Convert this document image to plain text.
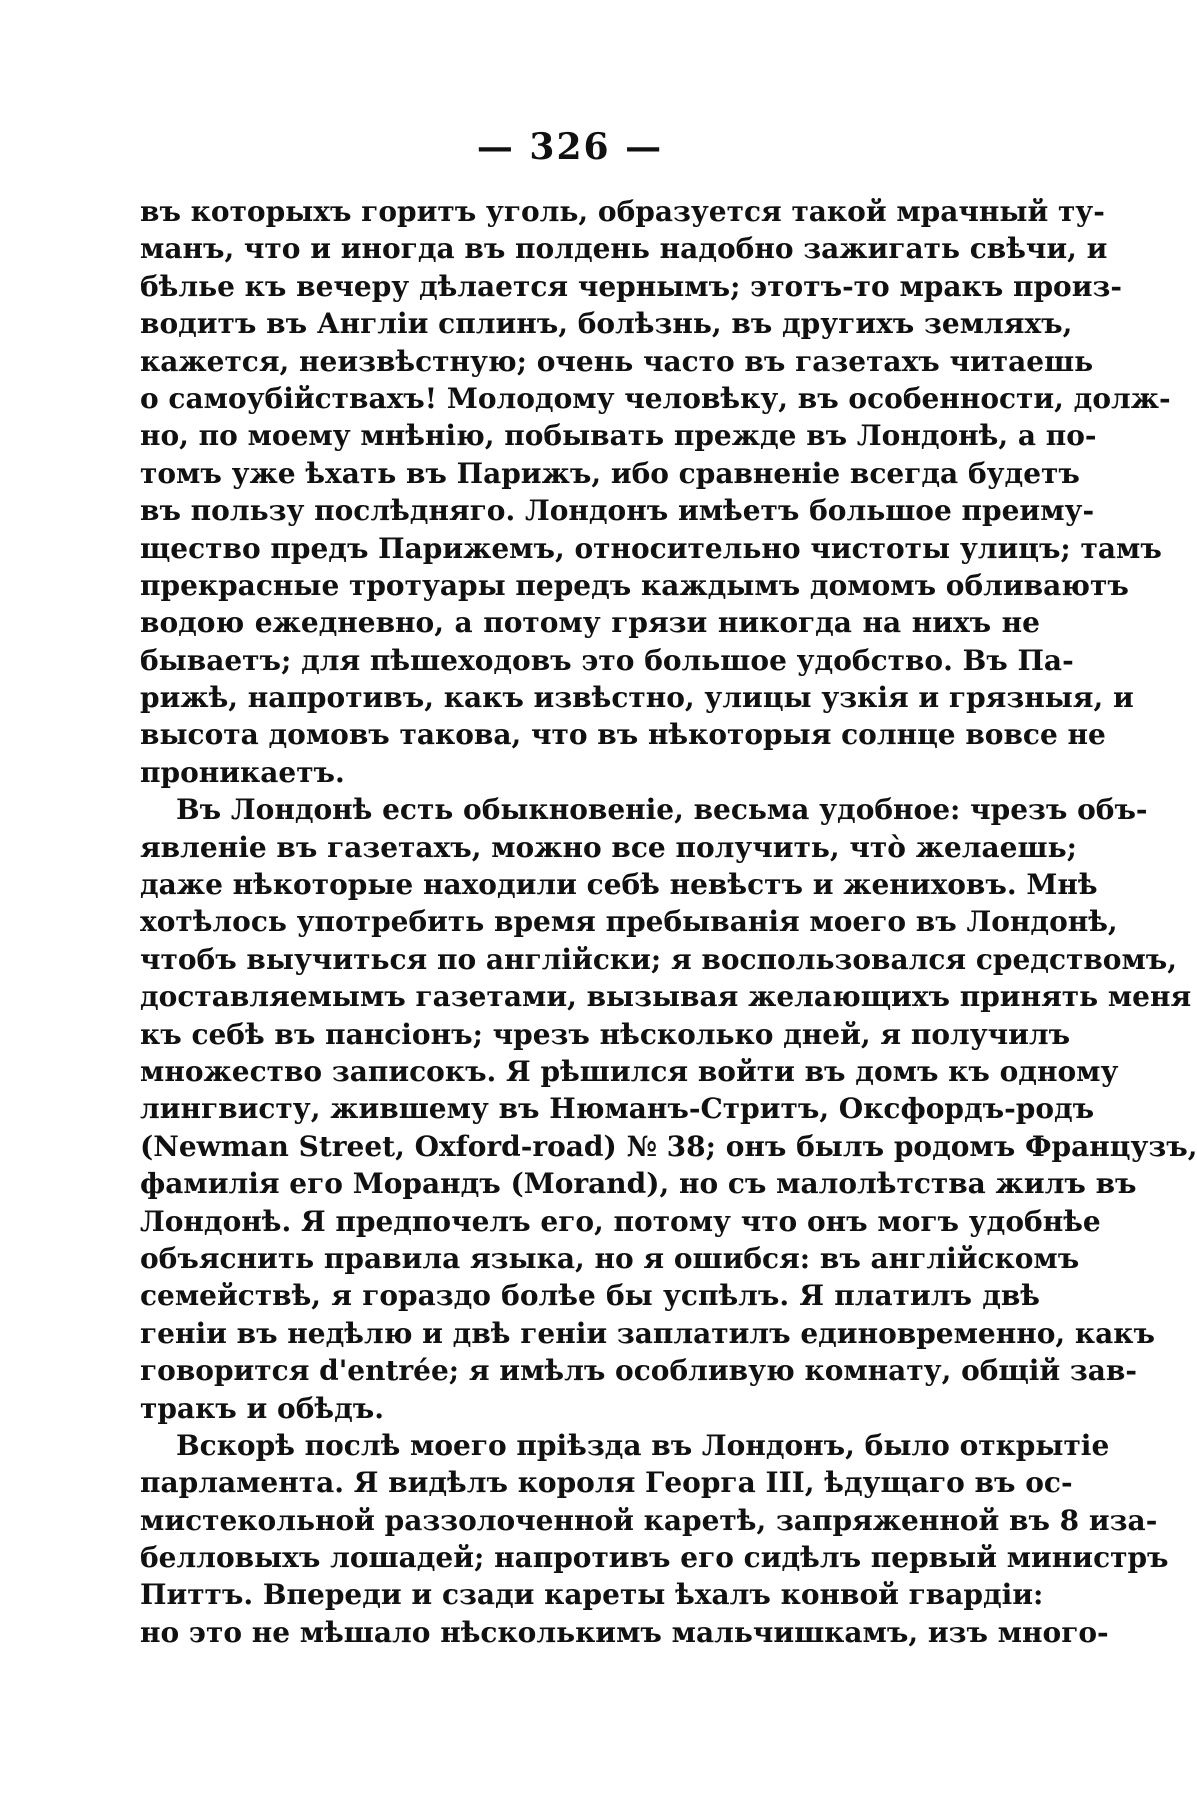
— 326 —
въ которыхъ горитъ уголь, образуется такой мрачный ту-
манъ, что и иногда въ полдень надобно зажигать свѣчи, и
бѣлье къ вечеру дѣлается чернымъ; этотъ-то мракъ произ-
водитъ въ Англіи сплинъ, болѣзнь, въ другихъ земляхъ,
кажется, неизвѣстную; очень часто въ газетахъ читаешь
о самоубійствахъ! Молодому человѣку, въ особенности, долж-
но, по моему мнѣнію, побывать прежде въ Лондонѣ, а по-
томъ уже ѣхать въ Парижъ, ибо сравненіе всегда будетъ
въ пользу послѣдняго. Лондонъ имѣетъ большое преиму-
щество предъ Парижемъ, относительно чистоты улицъ; тамъ
прекрасные тротуары передъ каждымъ домомъ обливаютъ
водою ежедневно, а потому грязи никогда на нихъ не
бываетъ; для пѣшеходовъ это большое удобство. Въ Па-
рижѣ, напротивъ, какъ извѣстно, улицы узкія и грязныя, и
высота домовъ такова, что въ нѣкоторыя солнце вовсе не
проникаетъ.
Въ Лондонѣ есть обыкновеніе, весьма удобное: чрезъ объ-
явленіе въ газетахъ, можно все получить, что̀ желаешь;
даже нѣкоторые находили себѣ невѣстъ и жениховъ. Мнѣ
хотѣлось употребить время пребыванія моего въ Лондонѣ,
чтобъ выучиться по англійски; я воспользовался средствомъ,
доставляемымъ газетами, вызывая желающихъ принять меня
къ себѣ въ пансіонъ; чрезъ нѣсколько дней, я получилъ
множество записокъ. Я рѣшился войти въ домъ къ одному
лингвисту, жившему въ Нюманъ-Стритъ, Оксфордъ-родъ
(Newman Street, Oxford-road) № 38; онъ былъ родомъ Французъ,
фамилія его Морандъ (Morand), но съ малолѣтства жилъ въ
Лондонѣ. Я предпочелъ его, потому что онъ могъ удобнѣе
объяснить правила языка, но я ошибся: въ англійскомъ
семействѣ, я гораздо болѣе бы успѣлъ. Я платилъ двѣ
геніи въ недѣлю и двѣ геніи заплатилъ единовременно, какъ
говорится d'entrée; я имѣлъ особливую комнату, общій зав-
тракъ и обѣдъ.
Вскорѣ послѣ моего пріѣзда въ Лондонъ, было открытіе
парламента. Я видѣлъ короля Георга III, ѣдущаго въ ос-
мистекольной раззолоченной каретѣ, запряженной въ 8 иза-
белловыхъ лошадей; напротивъ его сидѣлъ первый министръ
Питтъ. Впереди и сзади кареты ѣхалъ конвой гвардіи:
но это не мѣшало нѣсколькимъ мальчишкамъ, изъ много-
